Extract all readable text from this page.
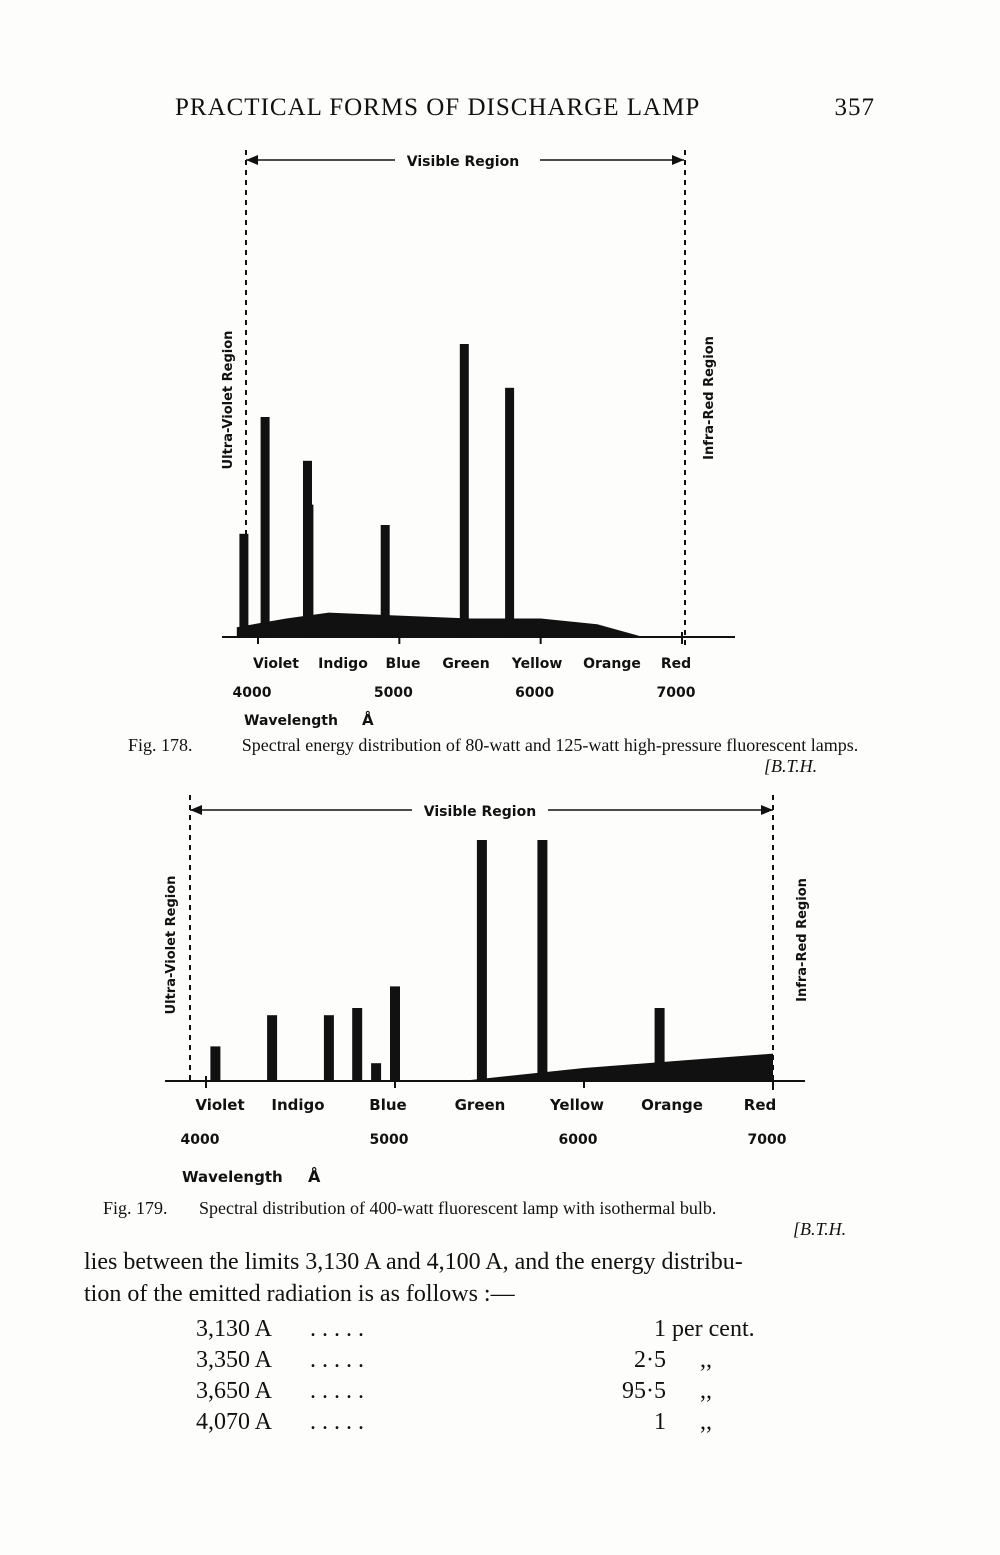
PRACTICAL FORMS OF DISCHARGE LAMP	357
Visible Region
Ultra-Violet Region	Infra-Red Region
4000	5000	6000	7000
Violet Indigo Blue Green Yellow Orange Red
Wavelength Å
Fig. 178.	Spectral energy distribution of 80-watt and 125-watt high-pressure fluorescent lamps.
[B.T.H.
Visible Region
Ultra-Violet Region	Infra-Red Region
4000	5000	6000	7000
Violet Indigo	Blue	Green	Yellow Orange	Red
Wavelength Å
Fig. 179. Spectral distribution of 400-watt fluorescent lamp with isothermal bulb.
[B.T.H.
lies between the limits 3,130 A and 4,100 A, and the energy distribu-
tion of the emitted radiation is as follows :—
3,130 A . . . . .	1 per cent.
3,350 A . . . . .	2·5 ,,
3,650 A . . . . .	95·5 ,,
4,070 A . . . . .	1 ,,
